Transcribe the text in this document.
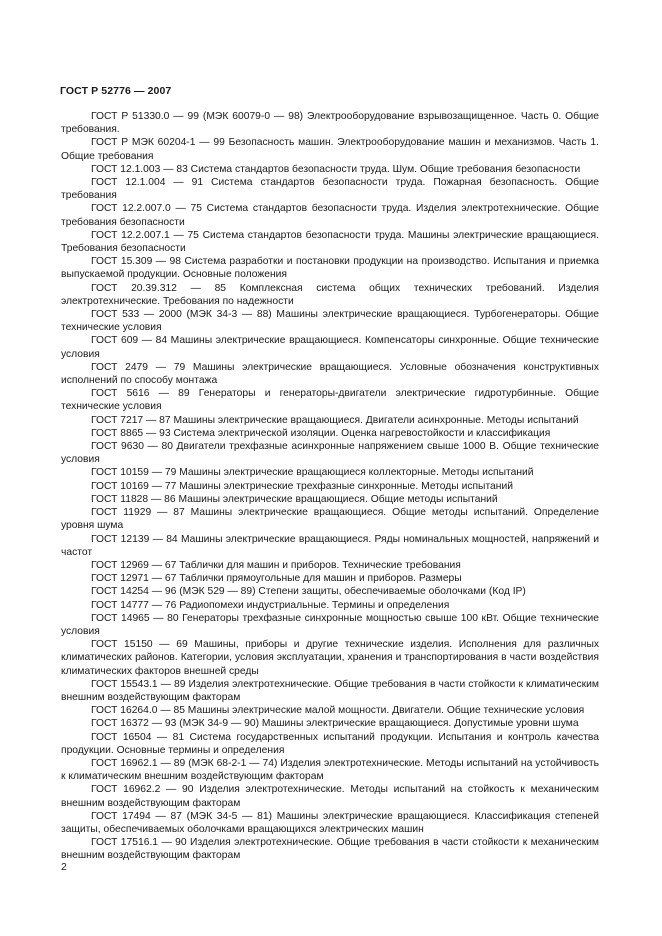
ГОСТ Р 52776 — 2007

ГОСТ Р 51330.0 — 99 (МЭК 60079-0 — 98) Электрооборудование взрывозащищенное. Часть 0. Общие требования.

ГОСТ Р МЭК 60204-1 — 99 Безопасность машин. Электрооборудование машин и механизмов. Часть 1. Общие требования

ГОСТ 12.1.003 — 83 Система стандартов безопасности труда. Шум. Общие требования безопасности

ГОСТ 12.1.004 — 91 Система стандартов безопасности труда. Пожарная безопасность. Общие требования

ГОСТ 12.2.007.0 — 75 Система стандартов безопасности труда. Изделия электротехнические. Общие требования безопасности

ГОСТ 12.2.007.1 — 75 Система стандартов безопасности труда. Машины электрические вращающиеся. Требования безопасности

ГОСТ 15.309 — 98 Система разработки и постановки продукции на производство. Испытания и приемка выпускаемой продукции. Основные положения

ГОСТ 20.39.312 — 85 Комплексная система общих технических требований. Изделия электротехнические. Требования по надежности

ГОСТ 533 — 2000 (МЭК 34-3 — 88) Машины электрические вращающиеся. Турбогенераторы. Общие технические условия

ГОСТ 609 — 84 Машины электрические вращающиеся. Компенсаторы синхронные. Общие технические условия

ГОСТ 2479 — 79 Машины электрические вращающиеся. Условные обозначения конструктивных исполнений по способу монтажа

ГОСТ 5616 — 89 Генераторы и генераторы-двигатели электрические гидротурбинные. Общие технические условия

ГОСТ 7217 — 87 Машины электрические вращающиеся. Двигатели асинхронные. Методы испытаний

ГОСТ 8865 — 93 Система электрической изоляции. Оценка нагревостойкости и классификация

ГОСТ 9630 — 80 Двигатели трехфазные асинхронные напряжением свыше 1000 В. Общие технические условия

ГОСТ 10159 — 79 Машины электрические вращающиеся коллекторные. Методы испытаний

ГОСТ 10169 — 77 Машины электрические трехфазные синхронные. Методы испытаний

ГОСТ 11828 — 86 Машины электрические вращающиеся. Общие методы испытаний

ГОСТ 11929 — 87 Машины электрические вращающиеся. Общие методы испытаний. Определение уровня шума

ГОСТ 12139 — 84 Машины электрические вращающиеся. Ряды номинальных мощностей, напряжений и частот

ГОСТ 12969 — 67 Таблички для машин и приборов. Технические требования

ГОСТ 12971 — 67 Таблички прямоугольные для машин и приборов. Размеры

ГОСТ 14254 — 96 (МЭК 529 — 89) Степени защиты, обеспечиваемые оболочками (Код IP)

ГОСТ 14777 — 76 Радиопомехи индустриальные. Термины и определения

ГОСТ 14965 — 80 Генераторы трехфазные синхронные мощностью свыше 100 кВт. Общие технические условия

ГОСТ 15150 — 69 Машины, приборы и другие технические изделия. Исполнения для различных климатических районов. Категории, условия эксплуатации, хранения и транспортирования в части воздействия климатических факторов внешней среды

ГОСТ 15543.1 — 89 Изделия электротехнические. Общие требования в части стойкости к климатическим внешним воздействующим факторам

ГОСТ 16264.0 — 85 Машины электрические малой мощности. Двигатели. Общие технические условия

ГОСТ 16372 — 93 (МЭК 34-9 — 90) Машины электрические вращающиеся. Допустимые уровни шума

ГОСТ 16504 — 81 Система государственных испытаний продукции. Испытания и контроль качества продукции. Основные термины и определения

ГОСТ 16962.1 — 89 (МЭК 68-2-1 — 74) Изделия электротехнические. Методы испытаний на устойчивость к климатическим внешним воздействующим факторам

ГОСТ 16962.2 — 90 Изделия электротехнические. Методы испытаний на стойкость к механическим внешним воздействующим факторам

ГОСТ 17494 — 87 (МЭК 34-5 — 81) Машины электрические вращающиеся. Классификация степеней защиты, обеспечиваемых оболочками вращающихся электрических машин

ГОСТ 17516.1 — 90 Изделия электротехнические. Общие требования в части стойкости к механическим внешним воздействующим факторам

2
